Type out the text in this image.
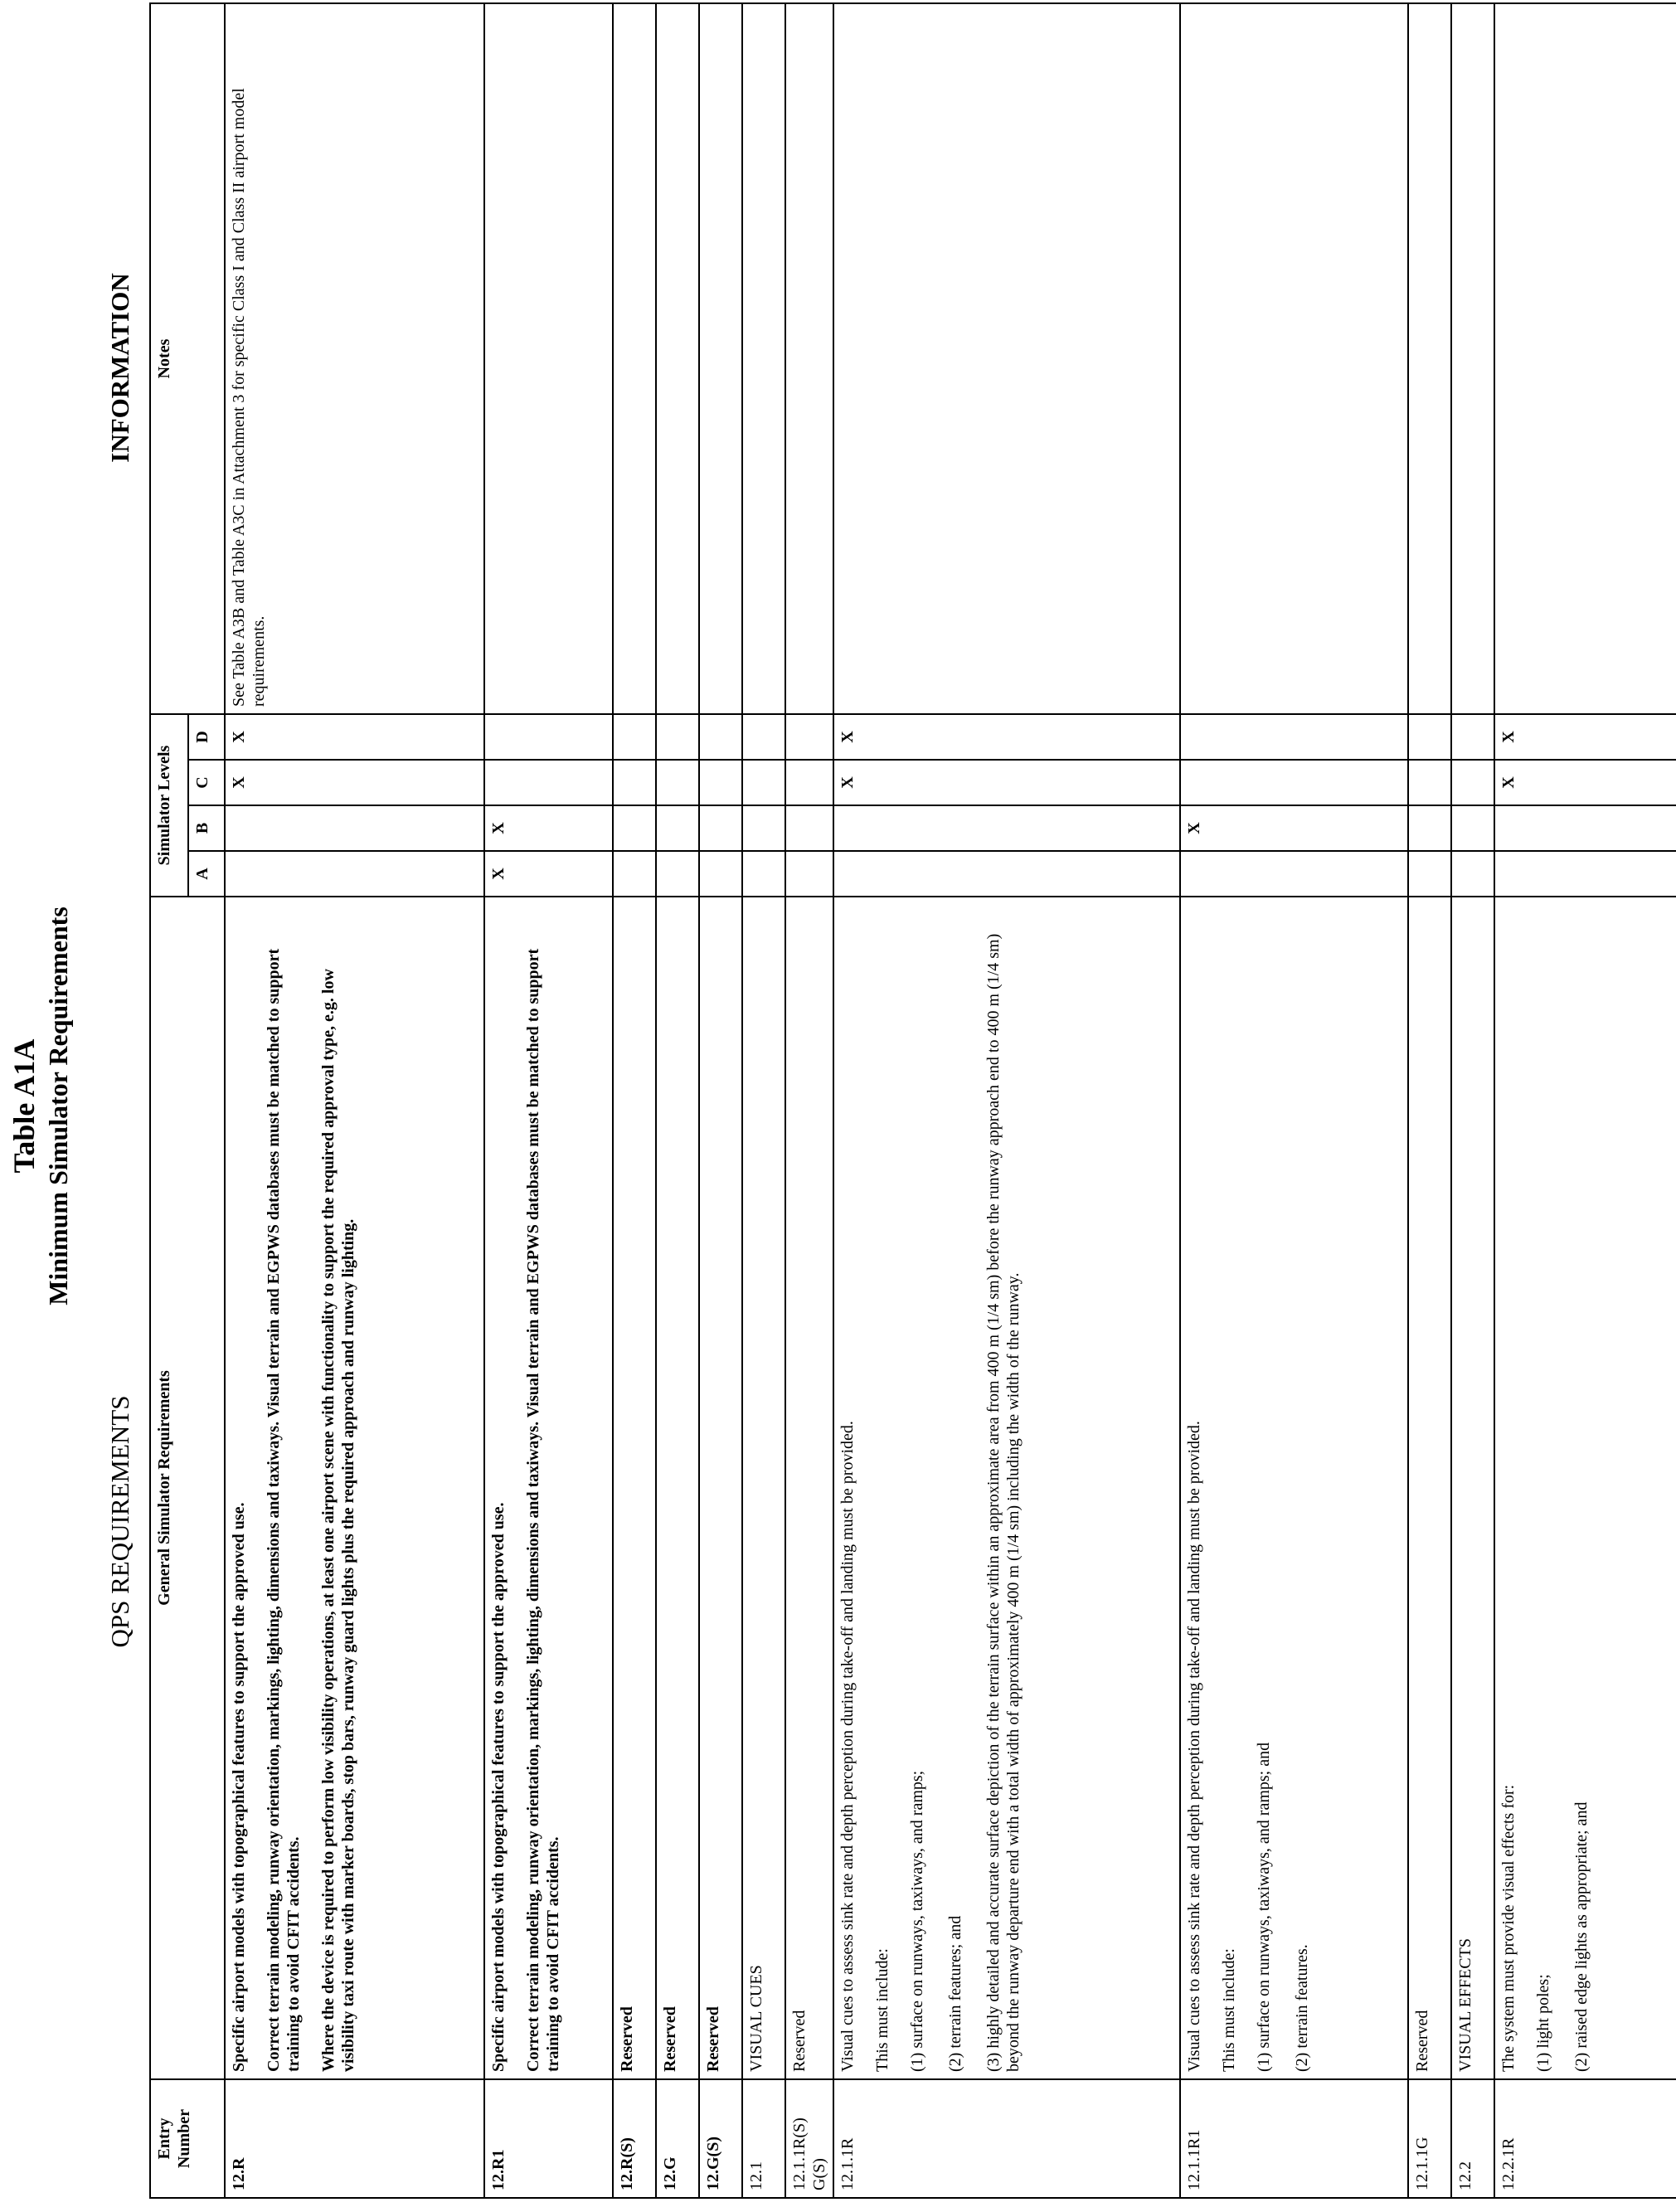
Table A1A Minimum Simulator Requirements
QPS REQUIREMENTS
INFORMATION
Entry Number	General Simulator Requirements	Simulator Levels				Notes
		A	B	C	D	
12.R	Specific airport models with topographical features to support the approved use. Correct terrain modeling, runway orientation, markings, lighting, dimensions and taxiways. Visual terrain and EGPWS databases must be matched to support training to avoid CFIT accidents. Where the device is required to perform low visibility operations, at least one airport scene with functionality to support the required approval type, e.g. low visibility taxi route with marker boards, stop bars, runway guard lights plus the required approach and runway lighting.			X	X	See Table A3B and Table A3C in Attachment 3 for specific Class I and Class II airport model requirements.
12.R1	Specific airport models with topographical features to support the approved use. Correct terrain modeling, runway orientation, markings, lighting, dimensions and taxiways. Visual terrain and EGPWS databases must be matched to support training to avoid CFIT accidents.	X	X			
12.R(S)	Reserved					

12.G	Reserved					

12.G(S)	Reserved					

12.1	VISUAL CUES					

12.1.1R(S) G(S)	Reserved					

12.1.1R	Visual cues to assess sink rate and depth perception during take-off and landing must be provided. This must include: (1) surface on runways, taxiways, and ramps; (2) terrain features; and (3) highly detailed and accurate surface depiction of the terrain surface within an approximate area from 400 m (1/4 sm) before the runway approach end to 400 m (1/4 sm) beyond the runway departure end with a total width of approximately 400 m (1/4 sm) including the width of the runway.			X	X	
12.1.1R1	Visual cues to assess sink rate and depth perception during take-off and landing must be provided. This must include: (1) surface on runways, taxiways, and ramps; and (2) terrain features.		X			
12.1.1G	Reserved					

12.2	VISUAL EFFECTS					

12.2.1R	The system must provide visual effects for: (1) light poles; (2) raised edge lights as appropriate; and			X	X	
